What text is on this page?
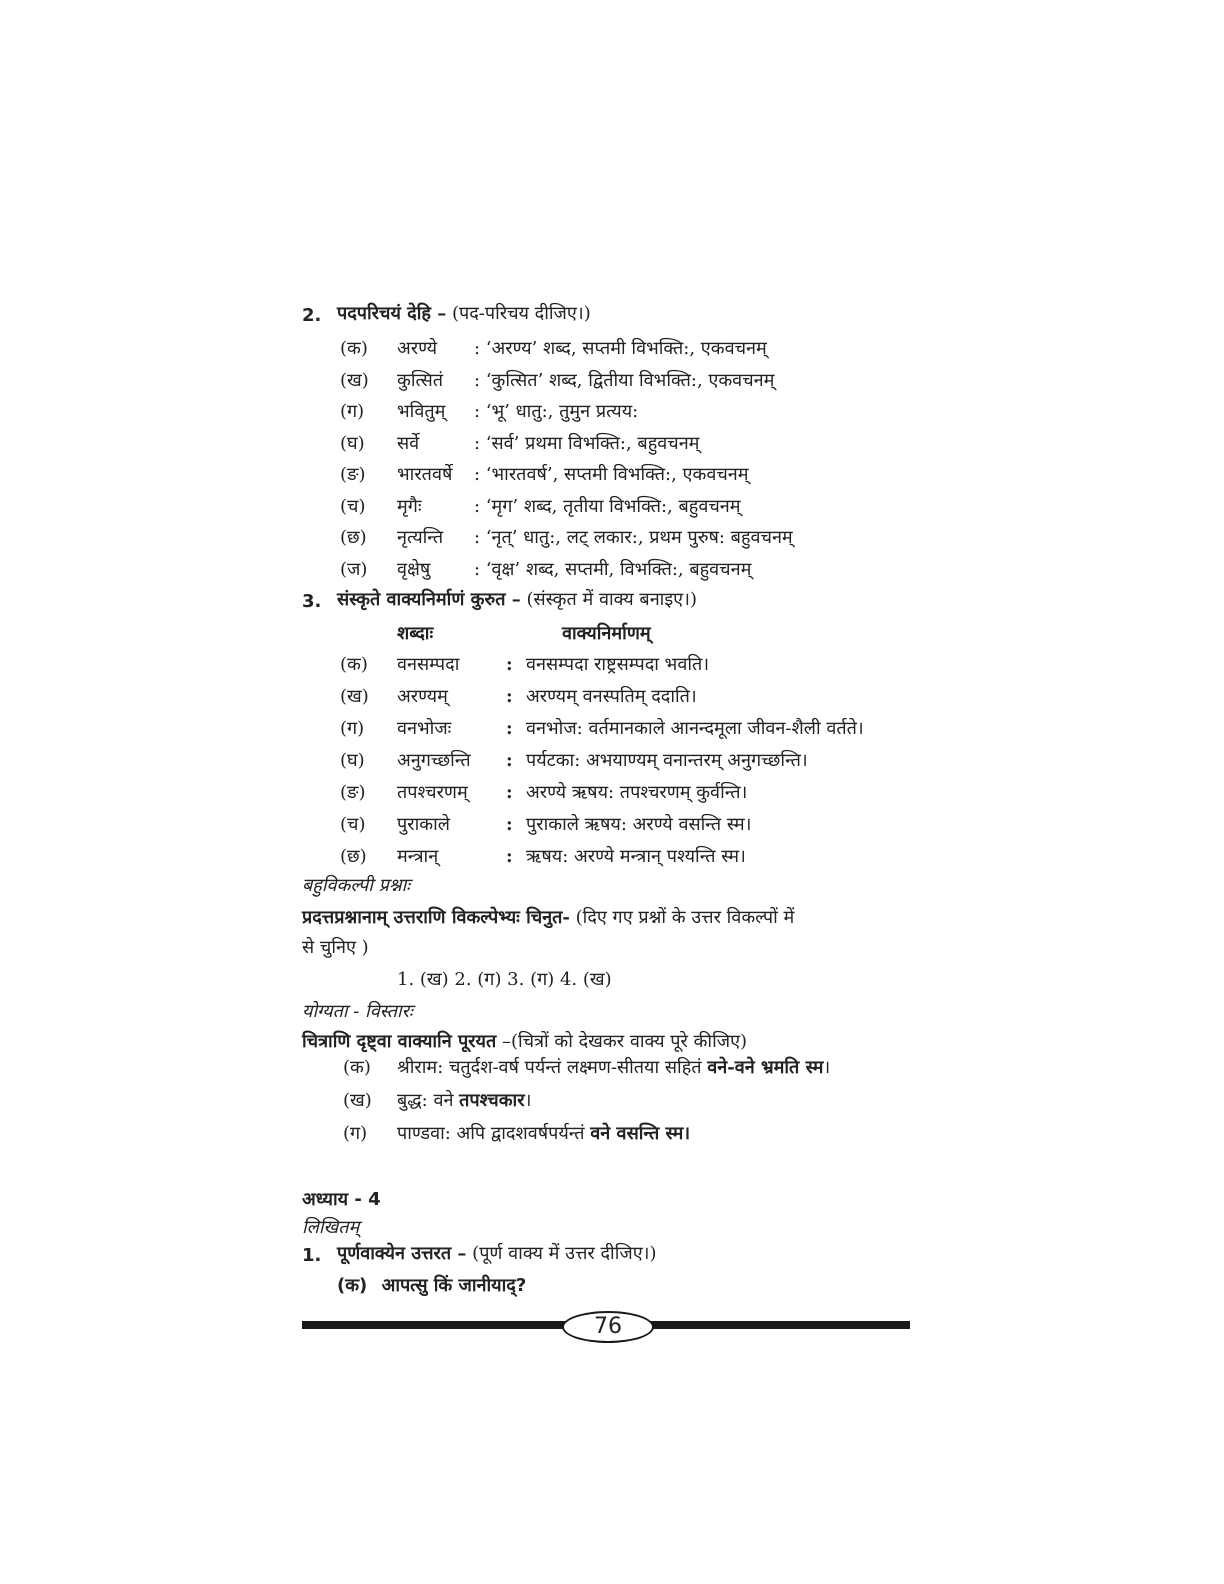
2. पदपरिचयं देहि – (पद-परिचय दीजिए।)
(क) अरण्ये : ‘अरण्य’ शब्द, सप्तमी विभक्ति:, एकवचनम्
(ख) कुत्सितं : ‘कुत्सित’ शब्द, द्वितीया विभक्ति:, एकवचनम्
(ग) भवितुम् : ‘भू’ धातु:, तुमुन प्रत्यय:
(घ) सर्वे	: ‘सर्व’ प्रथमा विभक्ति:, बहुवचनम्
(ङ) भारतवर्षे : ‘भारतवर्ष’, सप्तमी विभक्ति:, एकवचनम्
(च) मृगैः	: ‘मृग’ शब्द, तृतीया विभक्ति:, बहुवचनम्
(छ) नृत्यन्ति : ‘नृत्’ धातु:, लट् लकार:, प्रथम पुरुष: बहुवचनम्
(ज) वृक्षेषु : ‘वृक्ष’ शब्द, सप्तमी, विभक्ति:, बहुवचनम्
3. संस्कृते वाक्यनिर्माणं कुरुत – (संस्कृत में वाक्य बनाइए।)
शब्दाः	वाक्यनिर्माणम्
(क) वनसम्पदा	: वनसम्पदा राष्ट्रसम्पदा भवति।
(ख) अरण्यम्	: अरण्यम् वनस्पतिम् ददाति।
(ग) वनभोजः	: वनभोज: वर्तमानकाले आनन्दमूला जीवन-शैली वर्तते।
(घ) अनुगच्छन्ति : पर्यटका: अभयाण्यम् वनान्तरम् अनुगच्छन्ति।
(ङ) तपश्चरणम् : अरण्ये ऋषय: तपश्चरणम् कुर्वन्ति।
(च) पुराकाले	: पुराकाले ऋषय: अरण्ये वसन्ति स्म।
(छ) मन्त्रान्	: ऋषय: अरण्ये मन्त्रान् पश्यन्ति स्म।
बहुविकल्पी प्रश्नाः
प्रदत्तप्रश्नानाम् उत्तराणि विकल्पेभ्यः चिनुत- (दिए गए प्रश्नों के उत्तर विकल्पों में
से चुनिए )
1. (ख) 2. (ग) 3. (ग) 4. (ख)
योग्यता - विस्तारः
चित्राणि दृष्ट्वा वाक्यानि पूरयत –(चित्रों को देखकर वाक्य पूरे कीजिए)
(क) श्रीराम: चतुर्दश-वर्ष पर्यन्तं लक्ष्मण-सीतया सहितं वने-वने भ्रमति स्म।
(ख) बुद्ध: वने तपश्चकार।
(ग) पाण्डवा: अपि द्वादशवर्षपर्यन्तं वने वसन्ति स्म।
अध्याय - 4
लिखितम्
1. पूर्णवाक्येन उत्तरत – (पूर्ण वाक्य में उत्तर दीजिए।)
(क) आपत्सु किं जानीयाद्?
76
